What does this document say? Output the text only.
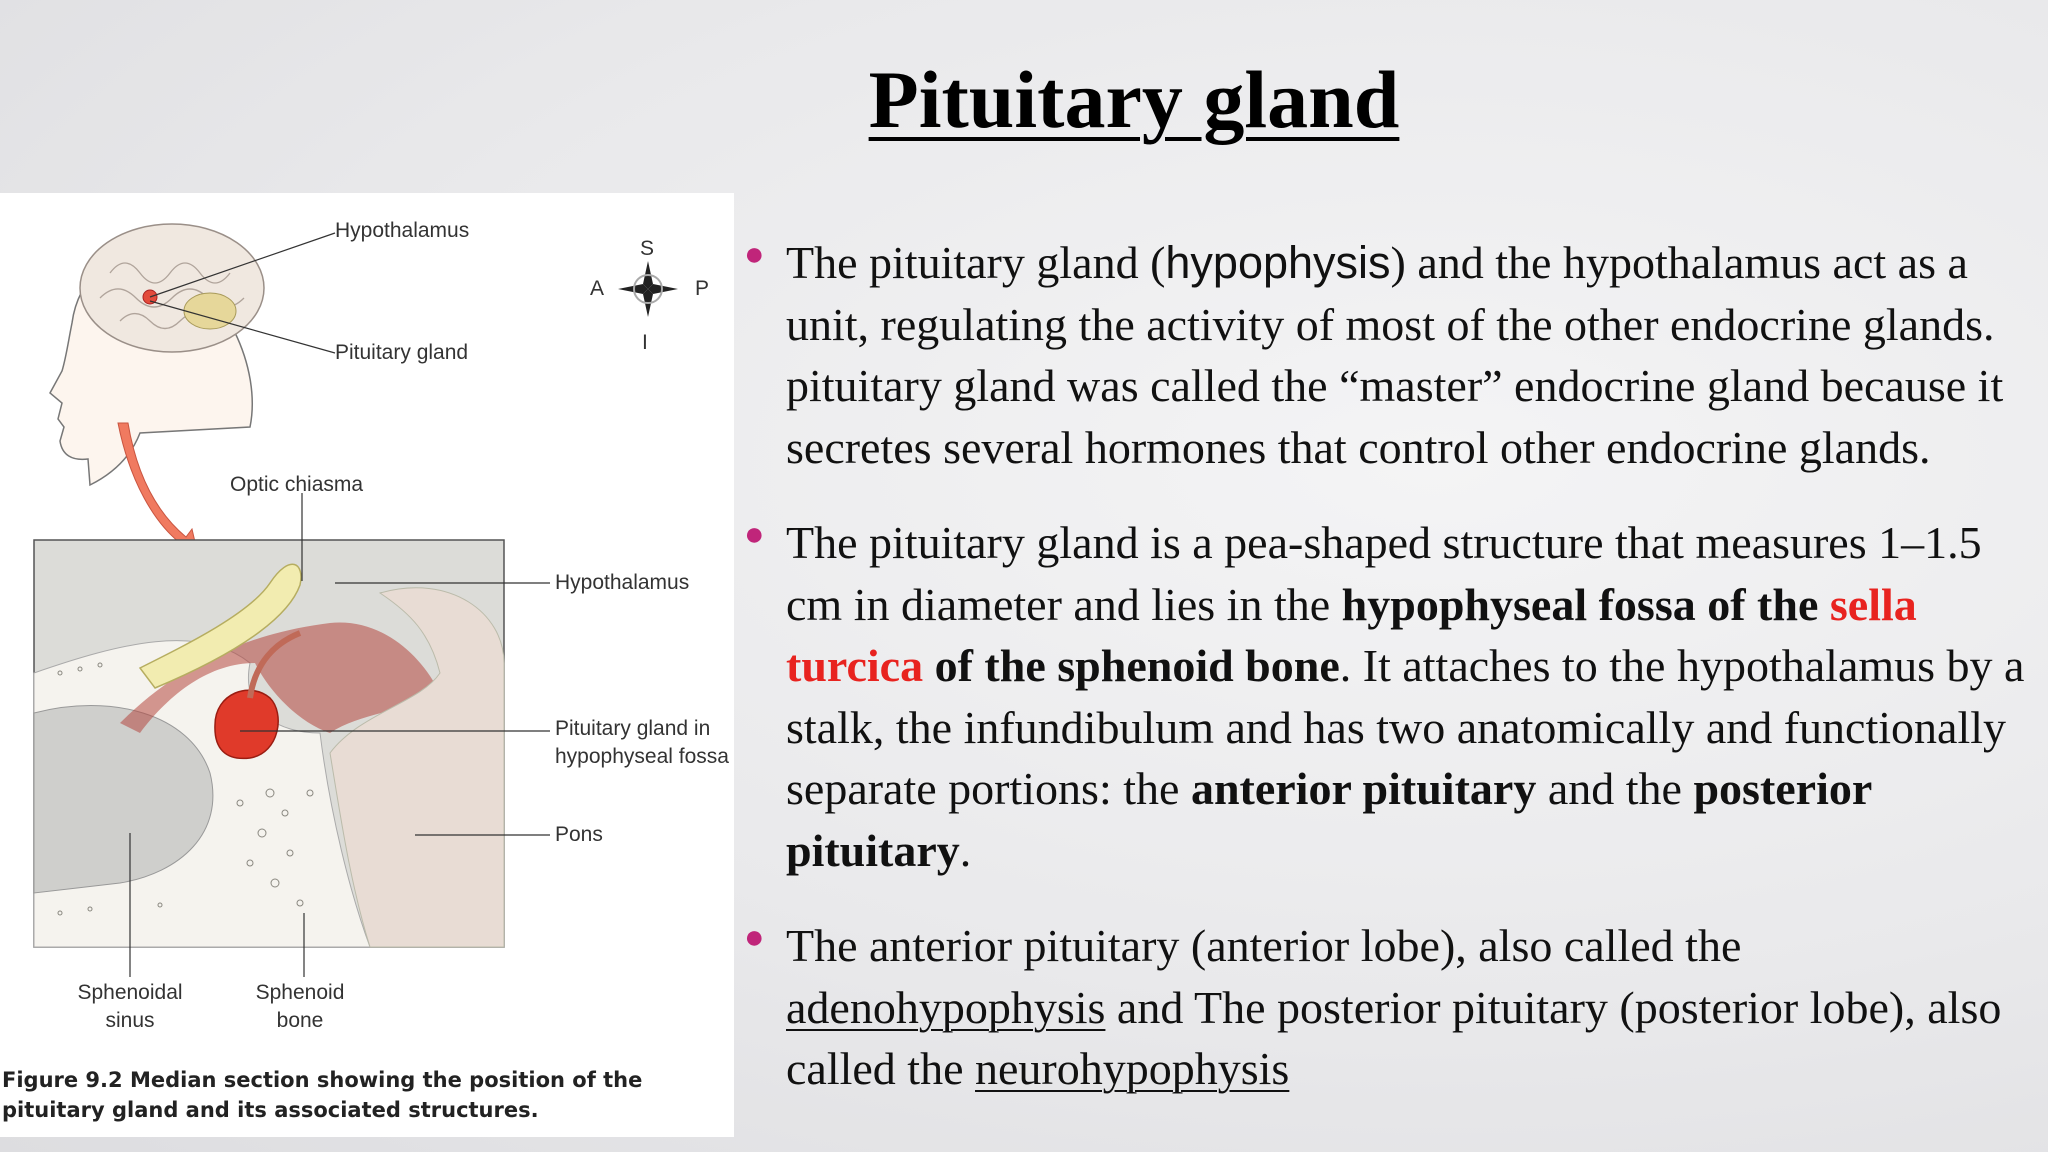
Pituitary gland
Hypothalamus
Pituitary gland
S
A	P
I
Optic chiasma
Hypothalamus
Pituitary gland in
hypophyseal fossa
Pons
Sphenoidal
sinus
Sphenoid
bone
Figure 9.2 Median section showing the position of the
pituitary gland and its associated structures.

● The pituitary gland (hypophysis) and the hypothalamus act as a unit, regulating the activity of most of the other endocrine glands. pituitary gland was called the “master” endocrine gland because it secretes several hormones that control other endocrine glands.

● The pituitary gland is a pea-shaped structure that measures 1–1.5 cm in diameter and lies in the hypophyseal fossa of the sella turcica of the sphenoid bone. It attaches to the hypothalamus by a stalk, the infundibulum and has two anatomically and functionally separate portions: the anterior pituitary and the posterior pituitary.

● The anterior pituitary (anterior lobe), also called the adenohypophysis and The posterior pituitary (posterior lobe), also called the neurohypophysis
